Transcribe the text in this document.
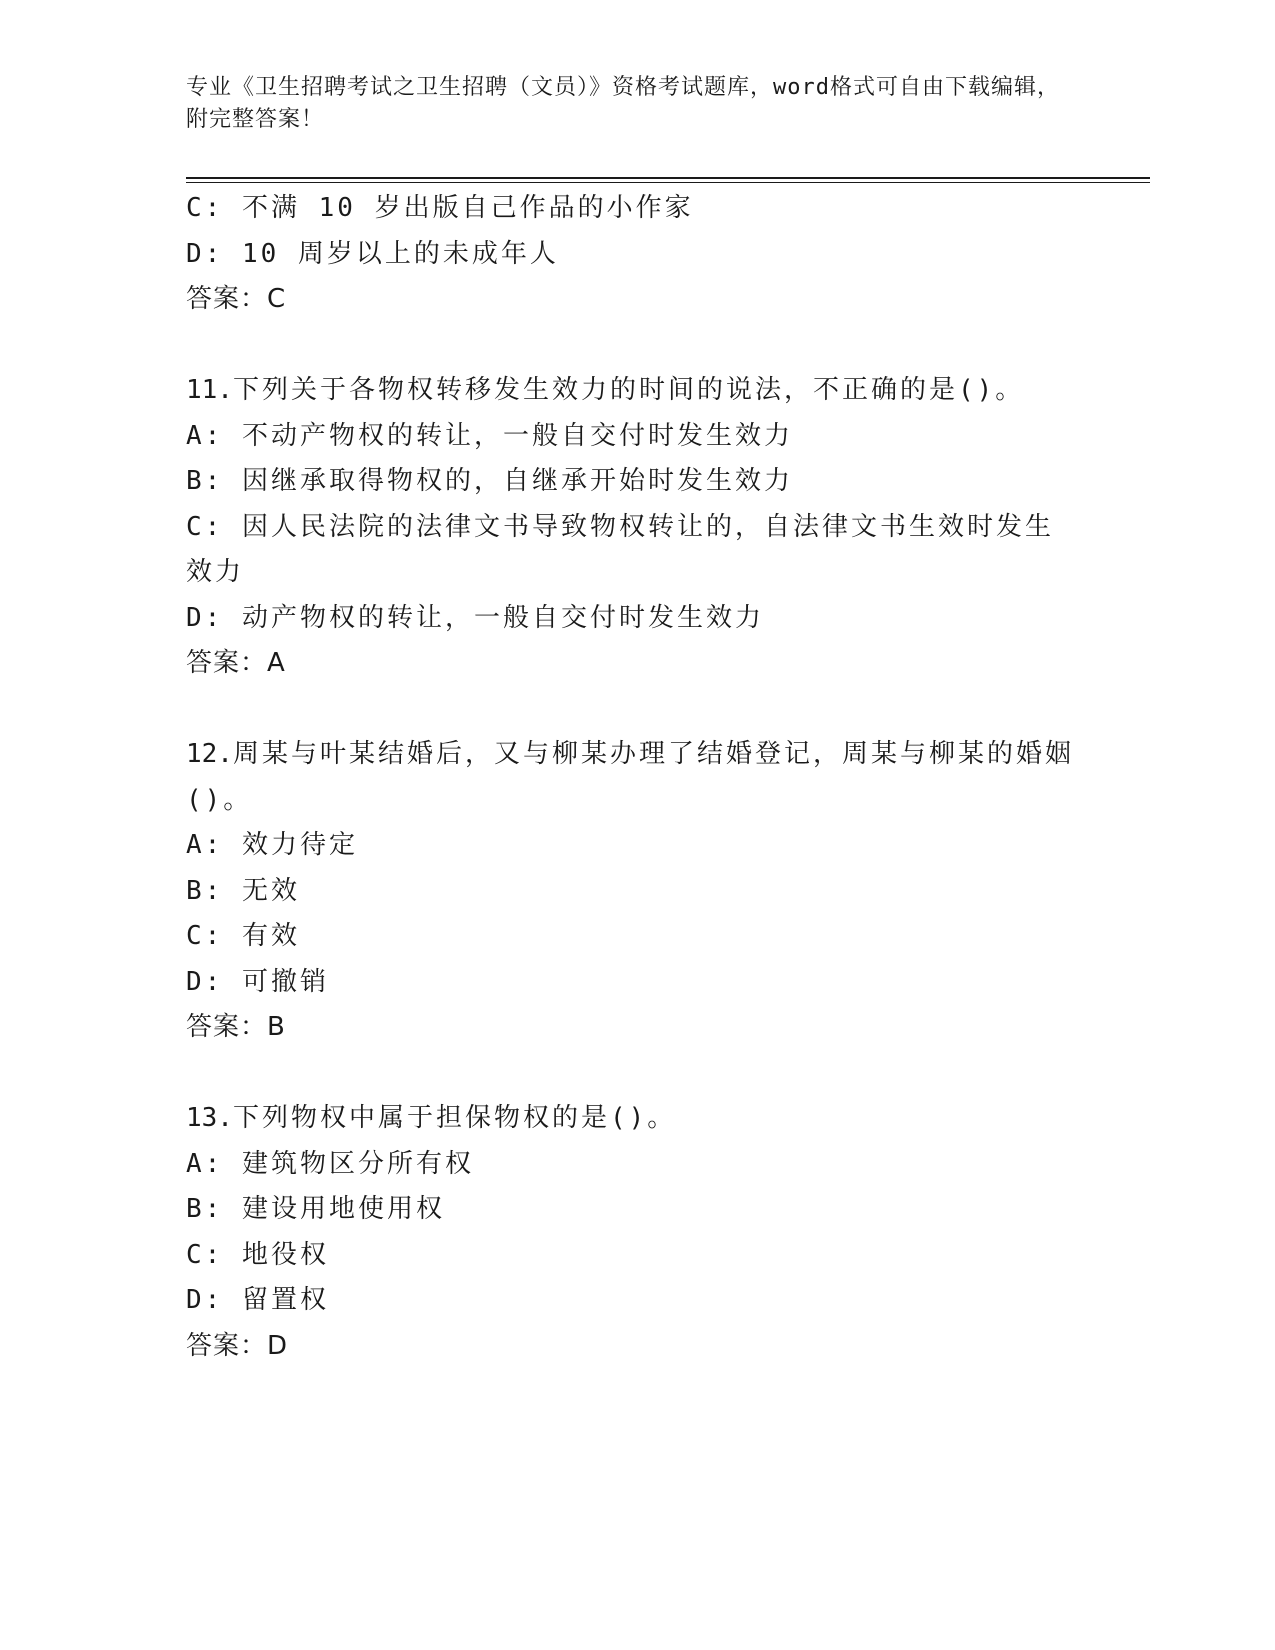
专业《卫生招聘考试之卫生招聘（文员）》资格考试题库，word格式可自由下载编辑，附完整答案！
C: 不满 10 岁出版自己作品的小作家
D: 10 周岁以上的未成年人
答案：C
11.下列关于各物权转移发生效力的时间的说法，不正确的是()。
A: 不动产物权的转让，一般自交付时发生效力
B: 因继承取得物权的，自继承开始时发生效力
C: 因人民法院的法律文书导致物权转让的，自法律文书生效时发生效力
D: 动产物权的转让，一般自交付时发生效力
答案：A
12.周某与叶某结婚后，又与柳某办理了结婚登记，周某与柳某的婚姻()。
A: 效力待定
B: 无效
C: 有效
D: 可撤销
答案：B
13.下列物权中属于担保物权的是()。
A: 建筑物区分所有权
B: 建设用地使用权
C: 地役权
D: 留置权
答案：D
